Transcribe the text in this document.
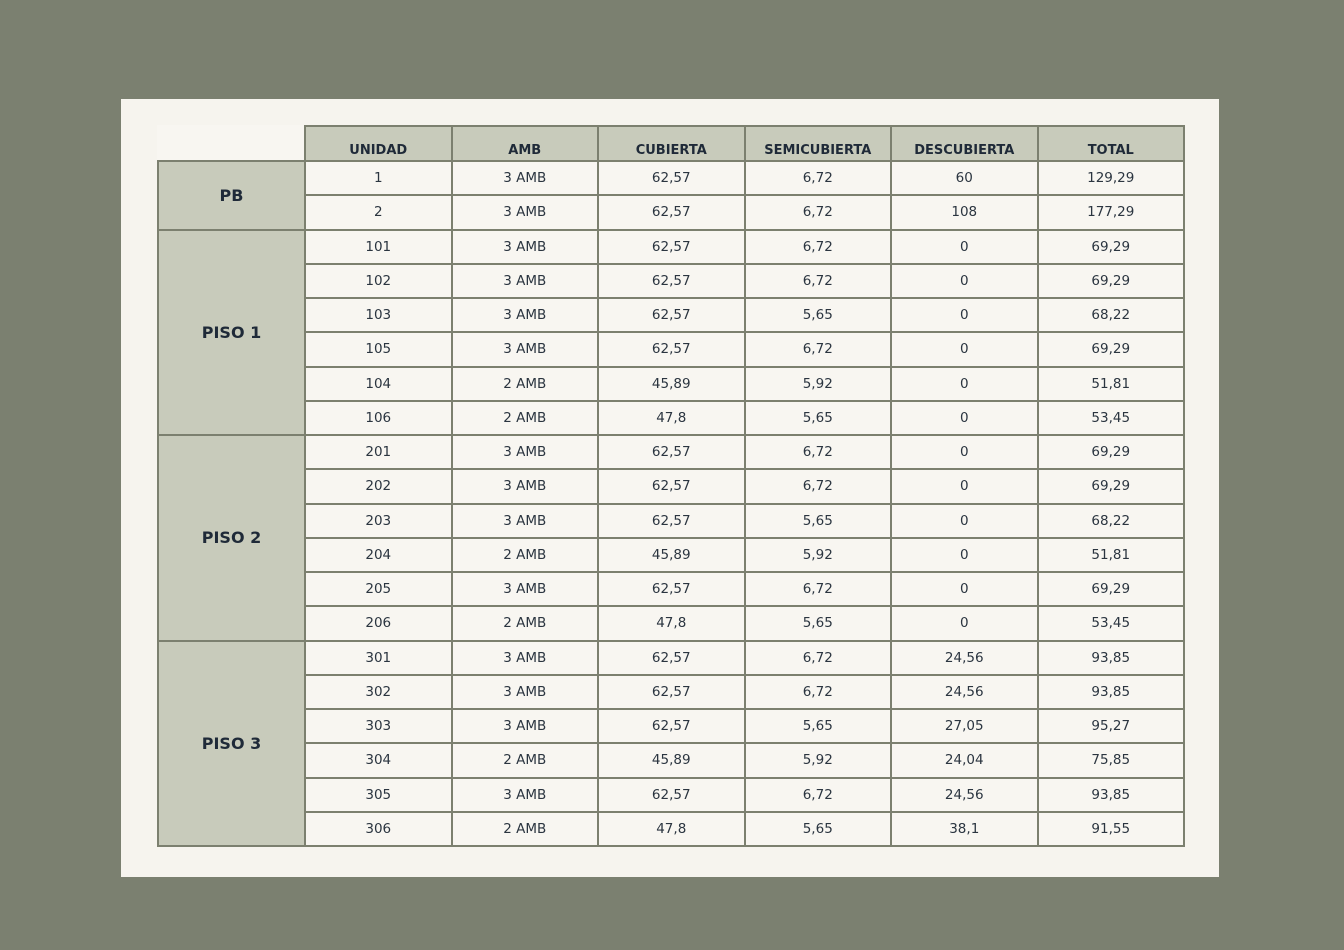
UNIDAD	AMB	CUBIERTA	SEMICUBIERTA	DESCUBIERTA	TOTAL
PB
1	3 AMB	62,57	6,72	60	129,29
2	3 AMB	62,57	6,72	108	177,29
PISO 1
101	3 AMB	62,57	6,72	0	69,29
102	3 AMB	62,57	6,72	0	69,29
103	3 AMB	62,57	5,65	0	68,22
105	3 AMB	62,57	6,72	0	69,29
104	2 AMB	45,89	5,92	0	51,81
106	2 AMB	47,8	5,65	0	53,45
PISO 2
201	3 AMB	62,57	6,72	0	69,29
202	3 AMB	62,57	6,72	0	69,29
203	3 AMB	62,57	5,65	0	68,22
204	2 AMB	45,89	5,92	0	51,81
205	3 AMB	62,57	6,72	0	69,29
206	2 AMB	47,8	5,65	0	53,45
PISO 3
301	3 AMB	62,57	6,72	24,56	93,85
302	3 AMB	62,57	6,72	24,56	93,85
303	3 AMB	62,57	5,65	27,05	95,27
304	2 AMB	45,89	5,92	24,04	75,85
305	3 AMB	62,57	6,72	24,56	93,85
306	2 AMB	47,8	5,65	38,1	91,55
